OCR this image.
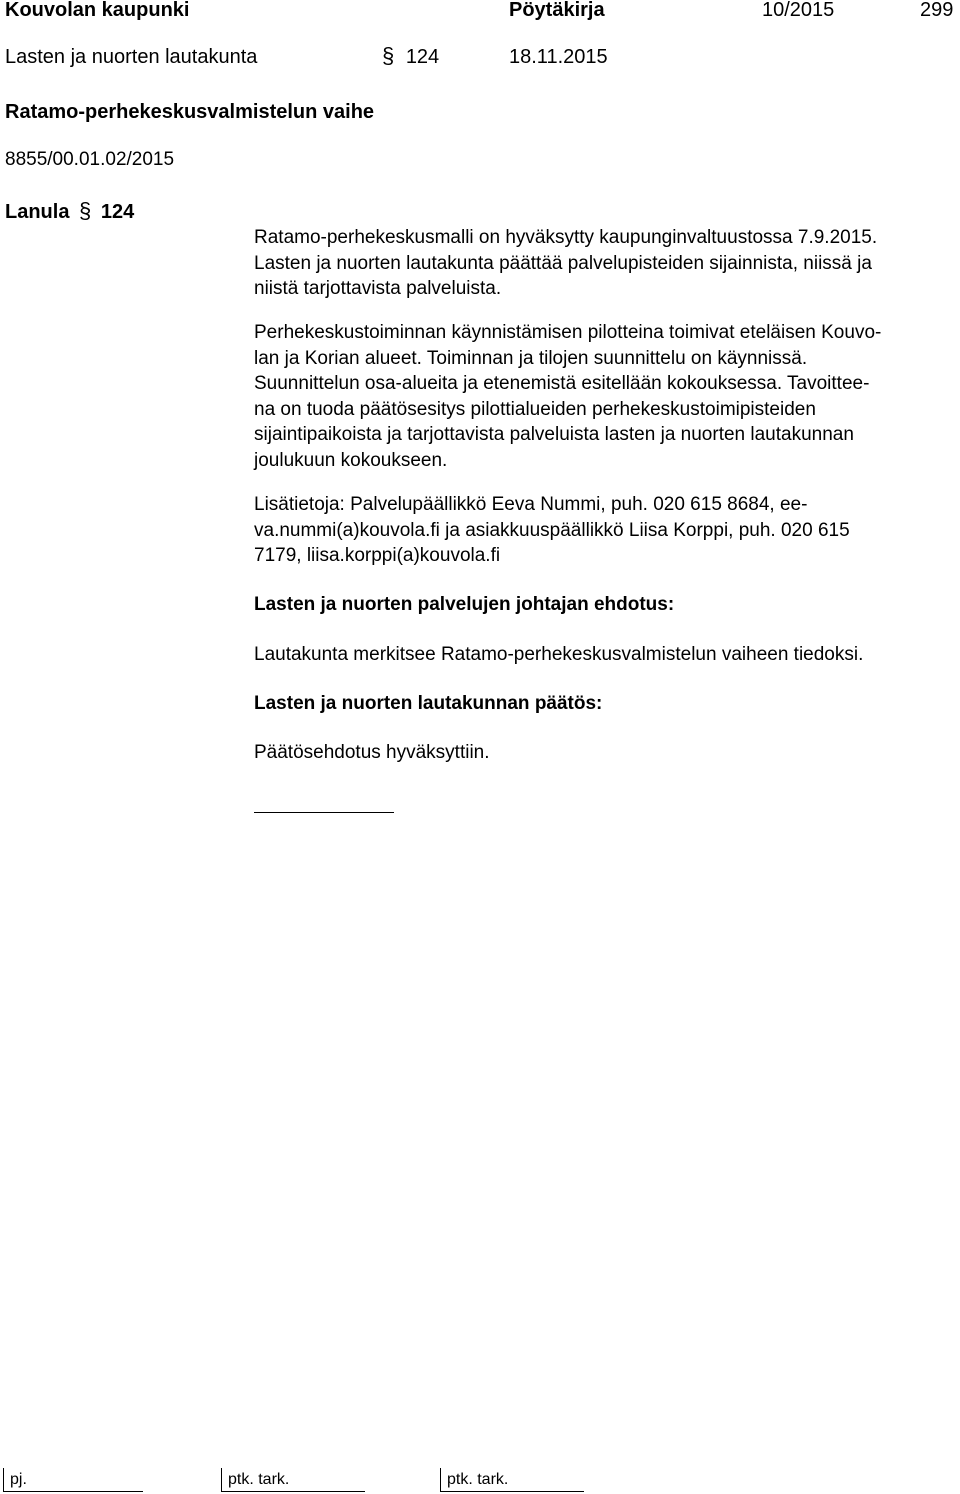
Kouvolan kaupunki	Pöytäkirja	10/2015	299
Lasten ja nuorten lautakunta	§ 124	18.11.2015
Ratamo-perhekeskusvalmistelun vaihe
8855/00.01.02/2015
Lanula § 124

Ratamo-perhekeskusmalli on hyväksytty kaupunginvaltuustossa 7.9.2015.

Lasten ja nuorten lautakunta päättää palvelupisteiden sijainnista, niissä ja

niistä tarjottavista palveluista.

Perhekeskustoiminnan käynnistämisen pilotteina toimivat eteläisen Kouvo-

lan ja Korian alueet. Toiminnan ja tilojen suunnittelu on käynnissä.

Suunnittelun osa-alueita ja etenemistä esitellään kokouksessa. Tavoittee-

na on tuoda päätösesitys pilottialueiden perhekeskustoimipisteiden

sijaintipaikoista ja tarjottavista palveluista lasten ja nuorten lautakunnan

joulukuun kokoukseen.

Lisätietoja: Palvelupäällikkö Eeva Nummi, puh. 020 615 8684, ee-

va.nummi(a)kouvola.fi ja asiakkuuspäällikkö Liisa Korppi, puh. 020 615

7179, liisa.korppi(a)kouvola.fi

Lasten ja nuorten palvelujen johtajan ehdotus:
Lautakunta merkitsee Ratamo-perhekeskusvalmistelun vaiheen tiedoksi.
Lasten ja nuorten lautakunnan päätös:
Päätösehdotus hyväksyttiin.
pj.	ptk. tark.	ptk. tark.
